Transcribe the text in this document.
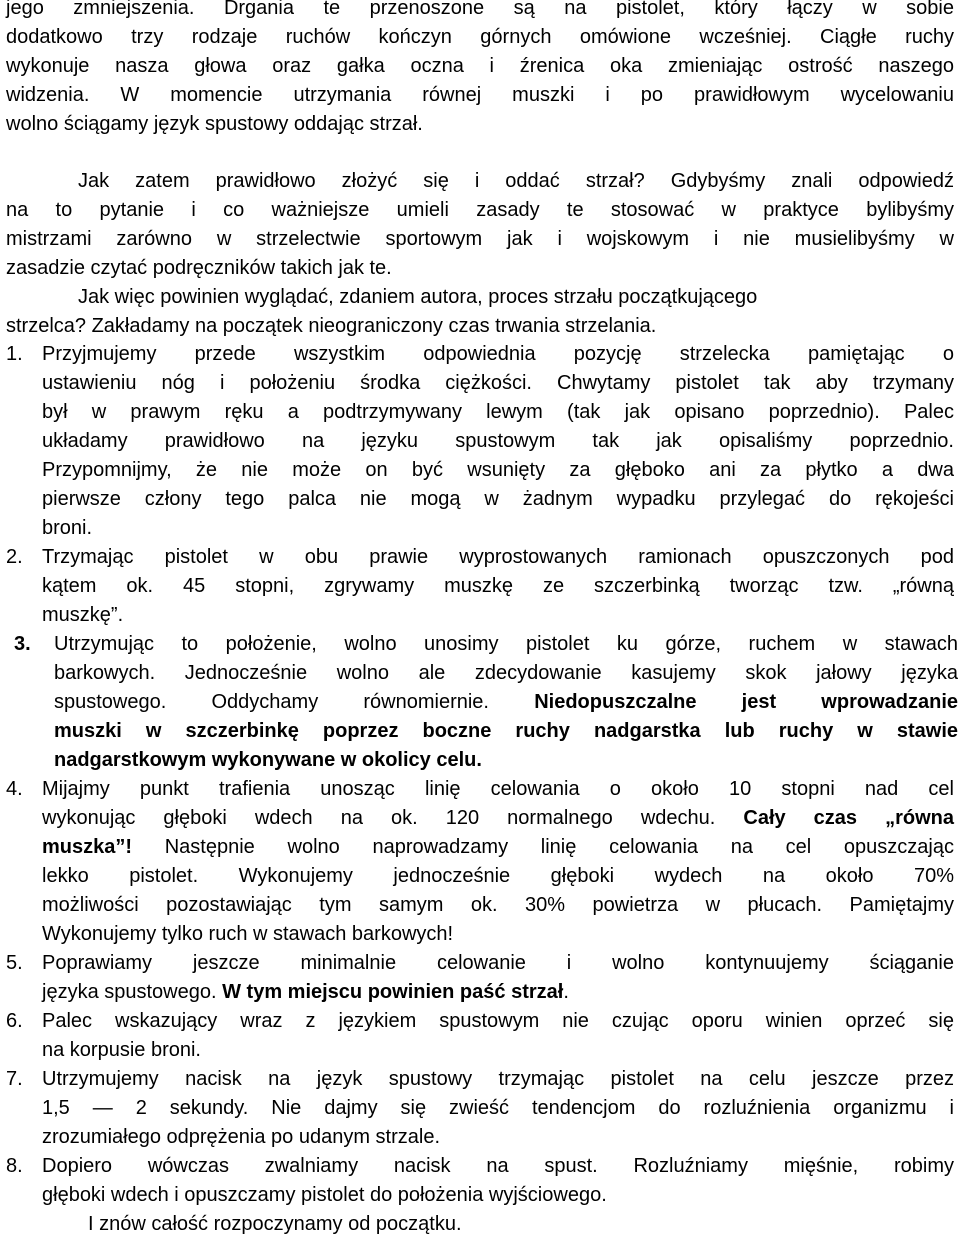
jego zmniejszenia. Drgania te przenoszone są na pistolet, który łączy w sobie
dodatkowo trzy rodzaje ruchów kończyn górnych omówione wcześniej. Ciągłe ruchy
wykonuje nasza głowa oraz gałka oczna i źrenica oka zmieniając ostrość naszego
widzenia. W momencie utrzymania równej muszki i po prawidłowym wycelowaniu
wolno ściągamy język spustowy oddając strzał.
Jak zatem prawidłowo złożyć się i oddać strzał? Gdybyśmy znali odpowiedź
na to pytanie i co ważniejsze umieli zasady te stosować w praktyce bylibyśmy
mistrzami zarówno w strzelectwie sportowym jak i wojskowym i nie musielibyśmy w
zasadzie czytać podręczników takich jak te.
Jak więc powinien wyglądać, zdaniem autora, proces strzału początkującego
strzelca? Zakładamy na początek nieograniczony czas trwania strzelania.
1. Przyjmujemy przede wszystkim odpowiednia pozycję strzelecka pamiętając o
ustawieniu nóg i położeniu środka ciężkości. Chwytamy pistolet tak aby trzymany
był w prawym ręku a podtrzymywany lewym (tak jak opisano poprzednio). Palec
układamy prawidłowo na języku spustowym tak jak opisaliśmy poprzednio.
Przypomnijmy, że nie może on być wsunięty za głęboko ani za płytko a dwa
pierwsze człony tego palca nie mogą w żadnym wypadku przylegać do rękojeści
broni.
2. Trzymając pistolet w obu prawie wyprostowanych ramionach opuszczonych pod
kątem ok. 45 stopni, zgrywamy muszkę ze szczerbinką tworząc tzw. „równą
muszkę”.
3.	Utrzymując to położenie, wolno unosimy pistolet ku górze, ruchem w stawach
barkowych. Jednocześnie wolno ale zdecydowanie kasujemy skok jałowy języka
spustowego. Oddychamy równomiernie. Niedopuszczalne jest wprowadzanie
muszki w szczerbinkę poprzez boczne ruchy nadgarstka lub ruchy w stawie
nadgarstkowym wykonywane w okolicy celu.
4. Mijajmy punkt trafienia unosząc linię celowania o około 10 stopni nad cel
wykonując głęboki wdech na ok. 120 normalnego wdechu. Cały czas „równa
muszka”! Następnie wolno naprowadzamy linię celowania na cel opuszczając
lekko pistolet. Wykonujemy jednocześnie głęboki wydech na około 70%
możliwości pozostawiając tym samym ok. 30% powietrza w płucach. Pamiętajmy
Wykonujemy tylko ruch w stawach barkowych!
5. Poprawiamy jeszcze minimalnie celowanie i wolno kontynuujemy ściąganie
języka spustowego. W tym miejscu powinien paść strzał.
6. Palec wskazujący wraz z językiem spustowym nie czując oporu winien oprzeć się
na korpusie broni.
7. Utrzymujemy nacisk na język spustowy trzymając pistolet na celu jeszcze przez
1,5 — 2 sekundy. Nie dajmy się zwieść tendencjom do rozluźnienia organizmu i
zrozumiałego odprężenia po udanym strzale.
8. Dopiero wówczas zwalniamy nacisk na spust. Rozluźniamy mięśnie, robimy
głęboki wdech i opuszczamy pistolet do położenia wyjściowego.
I znów całość rozpoczynamy od początku.
